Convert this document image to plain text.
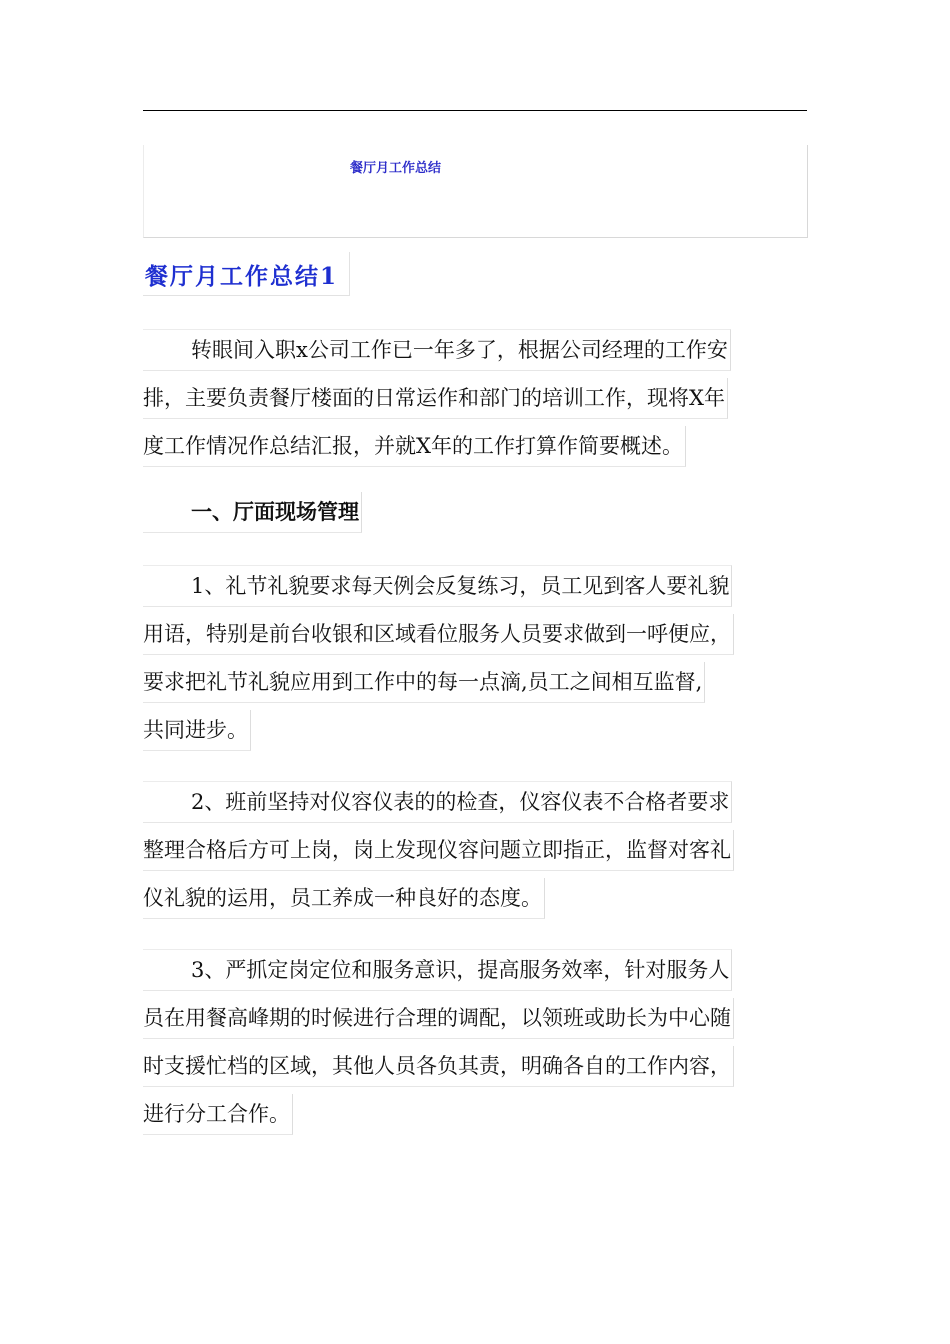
餐厅月工作总结
餐厅月工作总结1
转眼间入职x公司工作已一年多了，根据公司经理的工作安
排，主要负责餐厅楼面的日常运作和部门的培训工作，现将X年
度工作情况作总结汇报，并就X年的工作打算作简要概述。
一、厅面现场管理
1、礼节礼貌要求每天例会反复练习，员工见到客人要礼貌
用语，特别是前台收银和区域看位服务人员要求做到一呼便应，
要求把礼节礼貌应用到工作中的每一点滴,员工之间相互监督,
共同进步。
2、班前坚持对仪容仪表的的检查，仪容仪表不合格者要求
整理合格后方可上岗，岗上发现仪容问题立即指正，监督对客礼
仪礼貌的运用，员工养成一种良好的态度。
3、严抓定岗定位和服务意识，提高服务效率，针对服务人
员在用餐高峰期的时候进行合理的调配，以领班或助长为中心随
时支援忙档的区域，其他人员各负其责，明确各自的工作内容，
进行分工合作。
